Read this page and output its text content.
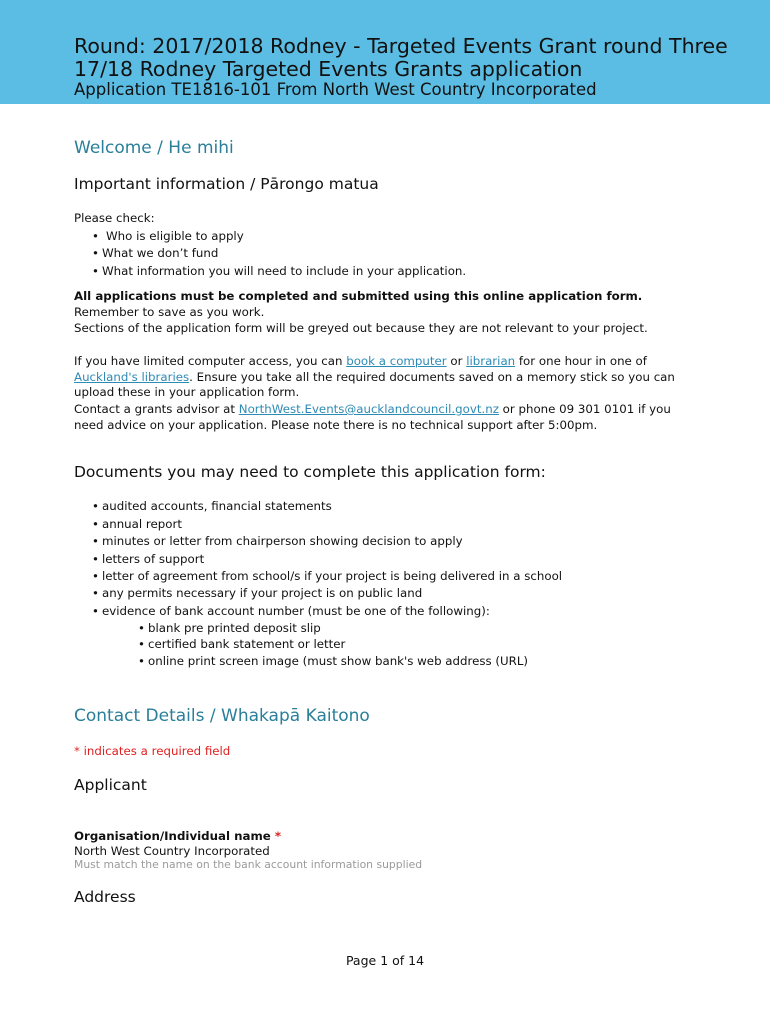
Round: 2017/2018 Rodney - Targeted Events Grant round Three
17/18 Rodney Targeted Events Grants application
Application TE1816-101 From North West Country Incorporated
Welcome / He mihi
Important information / Pārongo matua
Please check:
• Who is eligible to apply
• What we don’t fund
• What information you will need to include in your application.
All applications must be completed and submitted using this online application form. Remember to save as you work.
Sections of the application form will be greyed out because they are not relevant to your project.
If you have limited computer access, you can book a computer or librarian for one hour in one of Auckland's libraries. Ensure you take all the required documents saved on a memory stick so you can upload these in your application form.
Contact a grants advisor at NorthWest.Events@aucklandcouncil.govt.nz or phone 09 301 0101 if you need advice on your application. Please note there is no technical support after 5:00pm.
Documents you may need to complete this application form:
• audited accounts, financial statements
• annual report
• minutes or letter from chairperson showing decision to apply
• letters of support
• letter of agreement from school/s if your project is being delivered in a school
• any permits necessary if your project is on public land
• evidence of bank account number (must be one of the following):
• blank pre printed deposit slip
• certified bank statement or letter
• online print screen image (must show bank's web address (URL)
Contact Details / Whakapā Kaitono
* indicates a required field
Applicant
Organisation/Individual name *
North West Country Incorporated
Must match the name on the bank account information supplied
Address
Page 1 of 14
